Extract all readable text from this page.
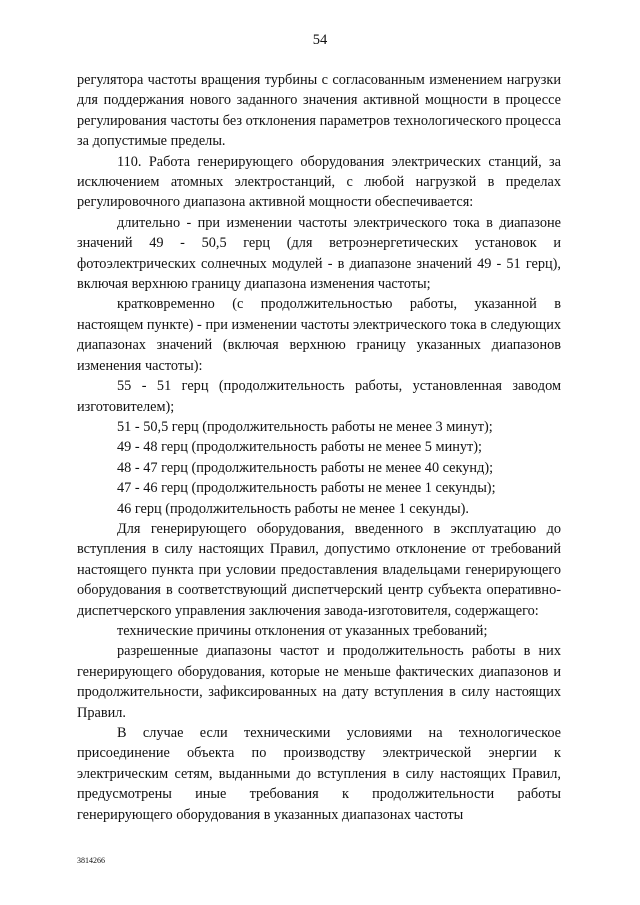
54

регулятора частоты вращения турбины с согласованным изменением нагрузки для поддержания нового заданного значения активной мощности в процессе регулирования частоты без отклонения параметров технологического процесса за допустимые пределы.

110. Работа генерирующего оборудования электрических станций, за исключением атомных электростанций, с любой нагрузкой в пределах регулировочного диапазона активной мощности обеспечивается:

длительно - при изменении частоты электрического тока в диапазоне значений 49 - 50,5 герц (для ветроэнергетических установок и фотоэлектрических солнечных модулей - в диапазоне значений 49 - 51 герц), включая верхнюю границу диапазона изменения частоты;

кратковременно (с продолжительностью работы, указанной в настоящем пункте) - при изменении частоты электрического тока в следующих диапазонах значений (включая верхнюю границу указанных диапазонов изменения частоты):

55 - 51 герц (продолжительность работы, установленная заводом изготовителем);

51 - 50,5 герц (продолжительность работы не менее 3 минут);

49 - 48 герц (продолжительность работы не менее 5 минут);

48 - 47 герц (продолжительность работы не менее 40 секунд);

47 - 46 герц (продолжительность работы не менее 1 секунды);

46 герц (продолжительность работы не менее 1 секунды).

Для генерирующего оборудования, введенного в эксплуатацию до вступления в силу настоящих Правил, допустимо отклонение от требований настоящего пункта при условии предоставления владельцами генерирующего оборудования в соответствующий диспетчерский центр субъекта оперативно-диспетчерского управления заключения завода-изготовителя, содержащего:

технические причины отклонения от указанных требований;

разрешенные диапазоны частот и продолжительность работы в них генерирующего оборудования, которые не меньше фактических диапазонов и продолжительности, зафиксированных на дату вступления в силу настоящих Правил.

В случае если техническими условиями на технологическое присоединение объекта по производству электрической энергии к электрическим сетям, выданными до вступления в силу настоящих Правил, предусмотрены иные требования к продолжительности работы генерирующего оборудования в указанных диапазонах частоты

3814266
